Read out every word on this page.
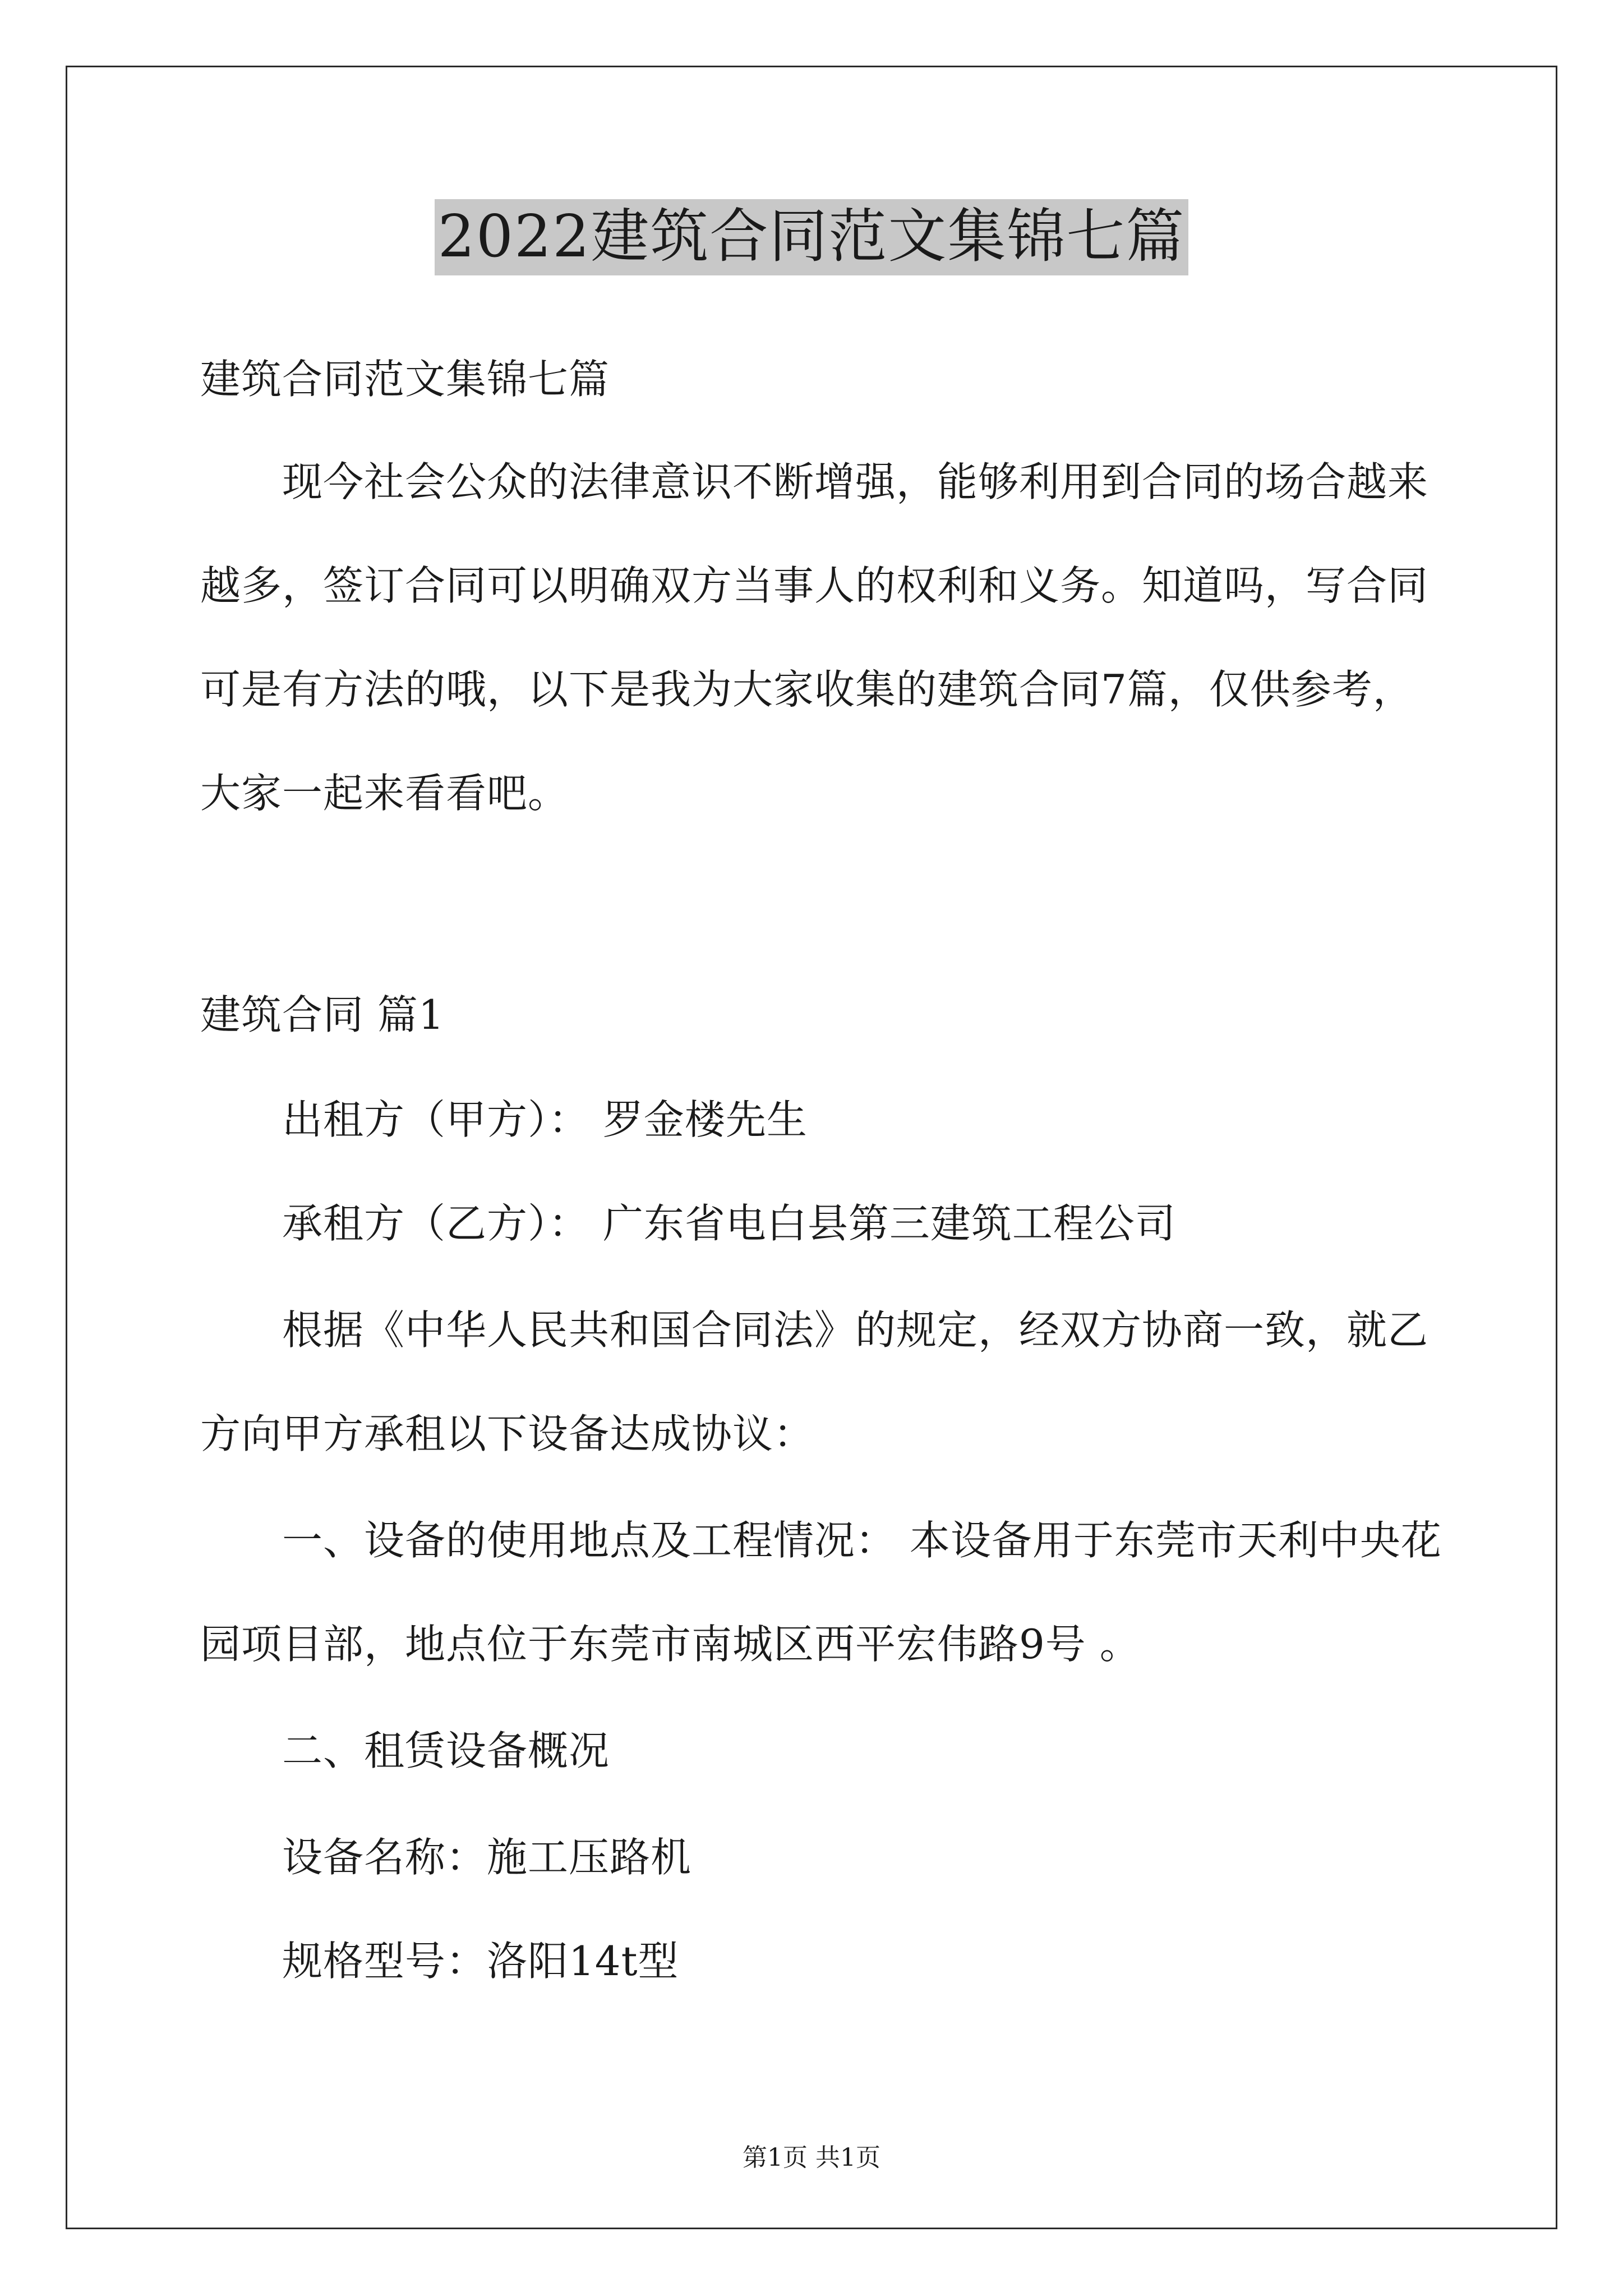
2022建筑合同范文集锦七篇

建筑合同范文集锦七篇

现今社会公众的法律意识不断增强，能够利用到合同的场合越来

越多，签订合同可以明确双方当事人的权利和义务。知道吗，写合同

可是有方法的哦，以下是我为大家收集的建筑合同7篇，仅供参考，

大家一起来看看吧。

建筑合同 篇1

出租方（甲方）： 罗金楼先生

承租方（乙方）： 广东省电白县第三建筑工程公司

根据《中华人民共和国合同法》的规定，经双方协商一致，就乙

方向甲方承租以下设备达成协议：

一、设备的使用地点及工程情况： 本设备用于东莞市天利中央花

园项目部，地点位于东莞市南城区西平宏伟路9号 。

二、租赁设备概况

设备名称：施工压路机

规格型号：洛阳14t型

第1页 共1页
